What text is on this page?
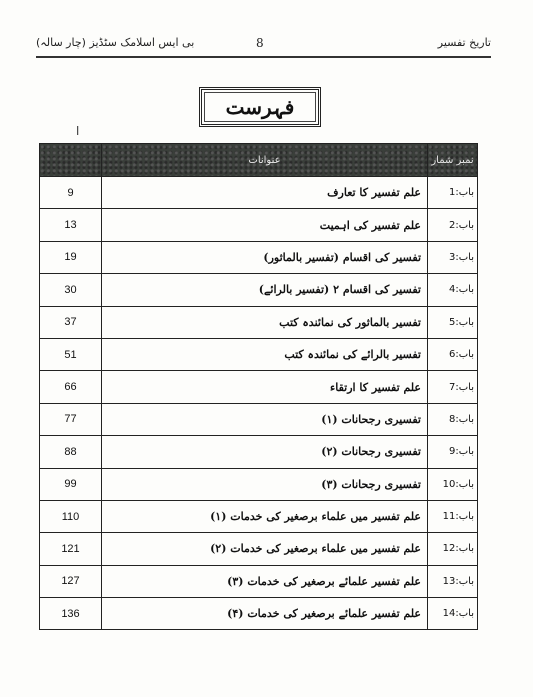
بی ایس اسلامک سٹڈیز (چار سالہ)	8	تاریخ تفسیر
فہرست
ا
	عنوانات	نمبر شمار
9	علم تفسیر کا تعارف	باب:1
13	علم تفسیر کی اہمیت	باب:2
19	تفسیر کی اقسام (تفسیر بالماثور)	باب:3
30	تفسیر کی اقسام ۲ (تفسیر بالرائے)	باب:4
37	تفسیر بالماثور کی نمائندہ کتب	باب:5
51	تفسیر بالرائے کی نمائندہ کتب	باب:6
66	علم تفسیر کا ارتقاء	باب:7
77	تفسیری رجحانات (۱)	باب:8
88	تفسیری رجحانات (۲)	باب:9
99	تفسیری رجحانات (۳)	باب:10
110	علم تفسیر میں علماء برصغیر کی خدمات (۱)	باب:11
121	علم تفسیر میں علماء برصغیر کی خدمات (۲)	باب:12
127	علم تفسیر علمائے برصغیر کی خدمات (۳)	باب:13
136	علم تفسیر علمائے برصغیر کی خدمات (۴)	باب:14
